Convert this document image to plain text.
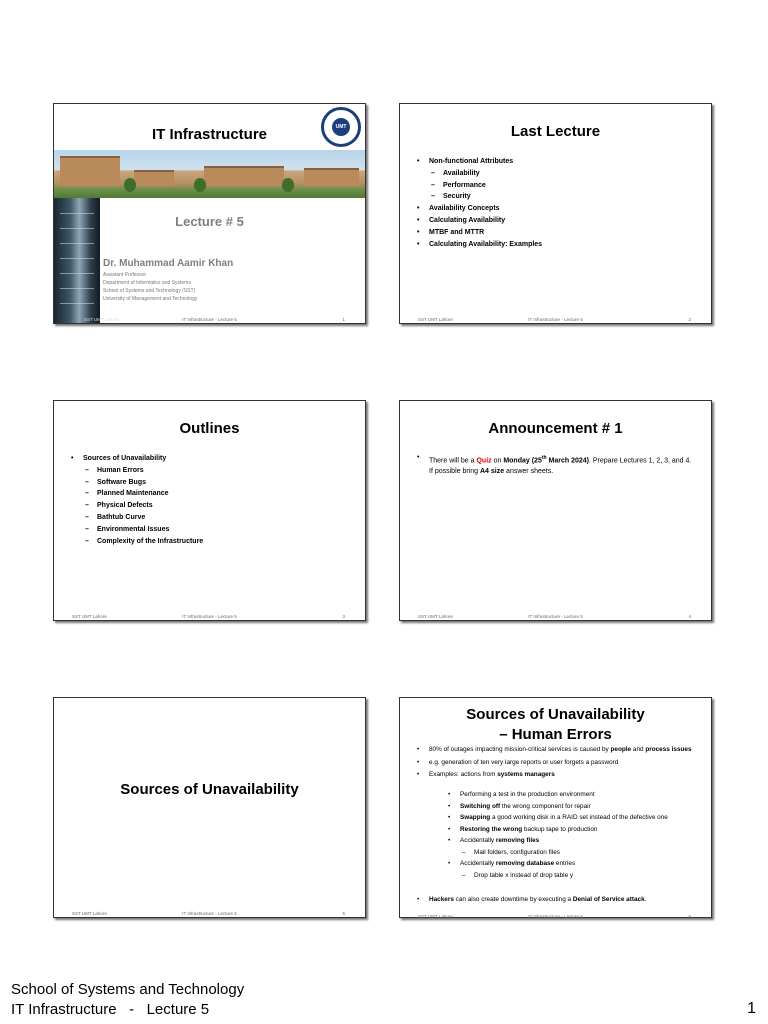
IT Infrastructure	UMT
Lecture # 5
Dr. Muhammad Aamir Khan
Assistant Professor
Department of Informatics and Systems
School of Systems and Technology (SST)
University of Management and Technology
SST UMT Lahore	IT Infrastructure - Lecture 5	1
Last Lecture
• Non-functional Attributes
– Availability
– Performance
– Security
• Availability Concepts
• Calculating Availability
• MTBF and MTTR
• Calculating Availability: Examples
SST UMT Lahore	IT Infrastructure - Lecture 5	2
Outlines
• Sources of Unavailability
– Human Errors
– Software Bugs
– Planned Maintenance
– Physical Defects
– Bathtub Curve
– Environmental Issues
– Complexity of the Infrastructure
SST UMT Lahore	IT Infrastructure - Lecture 5	3
Announcement # 1
• There will be a Quiz on Monday (25th March 2024). Prepare Lectures 1, 2, 3, and 4. If possible bring A4 size answer sheets.
SST UMT Lahore	IT Infrastructure - Lecture 5	4
Sources of Unavailability
SST UMT Lahore	IT Infrastructure - Lecture 5	5
Sources of Unavailability
– Human Errors
• 80% of outages impacting mission-critical services is caused by people and process issues
• e.g. generation of ten very large reports or user forgets a password
• Examples: actions from systems managers
• Performing a test in the production environment
• Switching off the wrong component for repair
• Swapping a good working disk in a RAID set instead of the defective one
• Restoring the wrong backup tape to production
• Accidentally removing files
– Mail folders, configuration files
• Accidentally removing database entries
– Drop table x instead of drop table y
• Hackers can also create downtime by executing a Denial of Service attack.
SST UMT Lahore	IT Infrastructure - Lecture 5	6
School of Systems and Technology
IT Infrastructure   -   Lecture 5	1
